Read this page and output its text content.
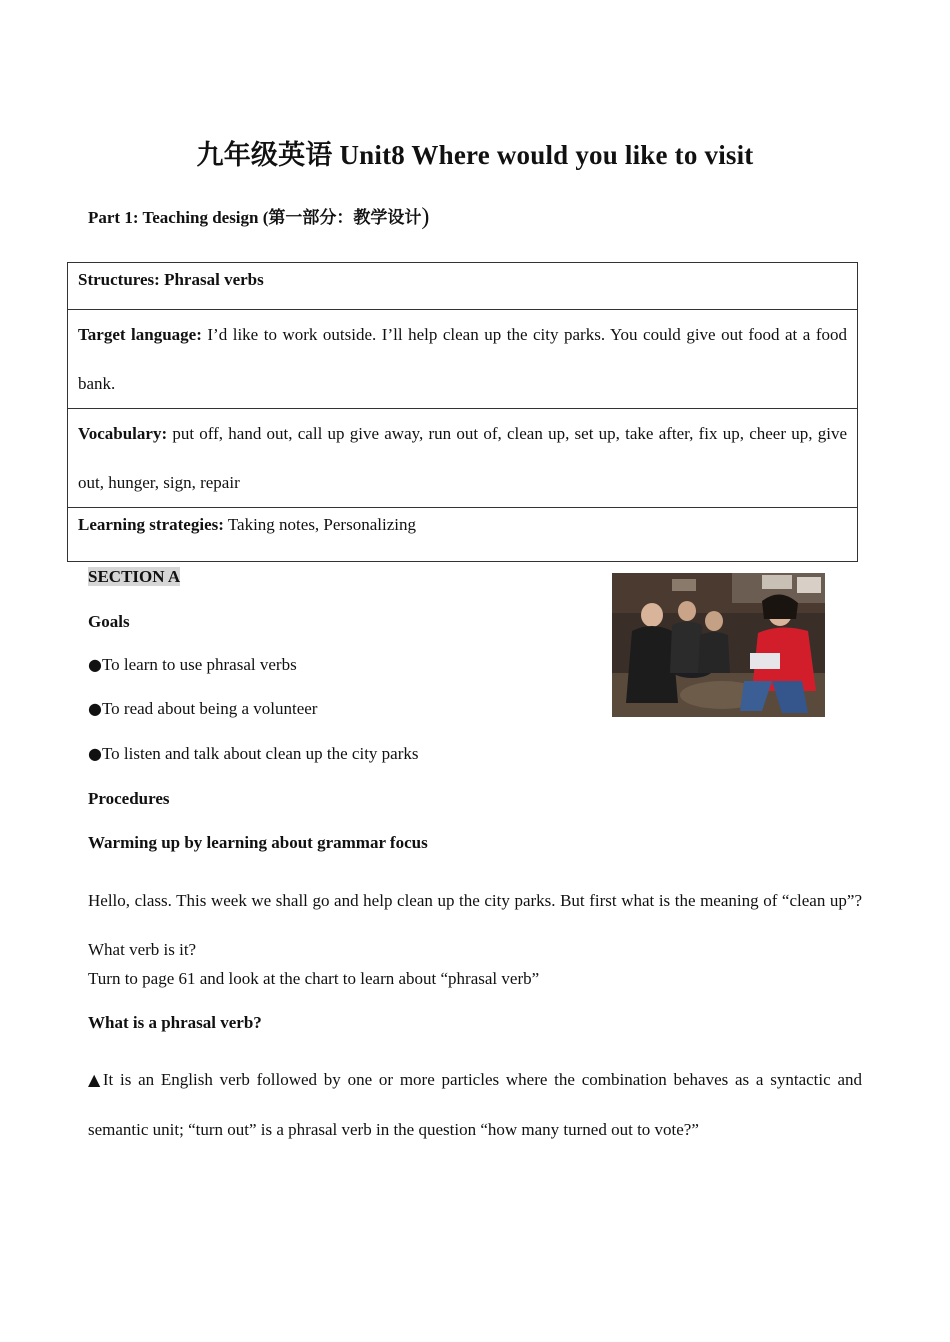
九年级英语 Unit8 Where would you like to visit
Part 1: Teaching design (第一部分：教学设计)
Structures: Phrasal verbs
Target language: I’d like to work outside. I’ll help clean up the city parks. You could give out food at a food bank.
Vocabulary: put off, hand out, call up give away, run out of, clean up, set up, take after, fix up, cheer up, give out, hunger, sign, repair
Learning strategies: Taking notes, Personalizing
SECTION A
Goals
●To learn to use phrasal verbs
●To read about being a volunteer
●To listen and talk about clean up the city parks
Procedures
Warming up by learning about grammar focus
Hello, class. This week we shall go and help clean up the city parks. But first what is the meaning of “clean up”? What verb is it?
Turn to page 61 and look at the chart to learn about “phrasal verb”
What is a phrasal verb?
▲It is an English verb followed by one or more particles where the combination behaves as a syntactic and semantic unit; “turn out” is a phrasal verb in the question “how many turned out to vote?”
